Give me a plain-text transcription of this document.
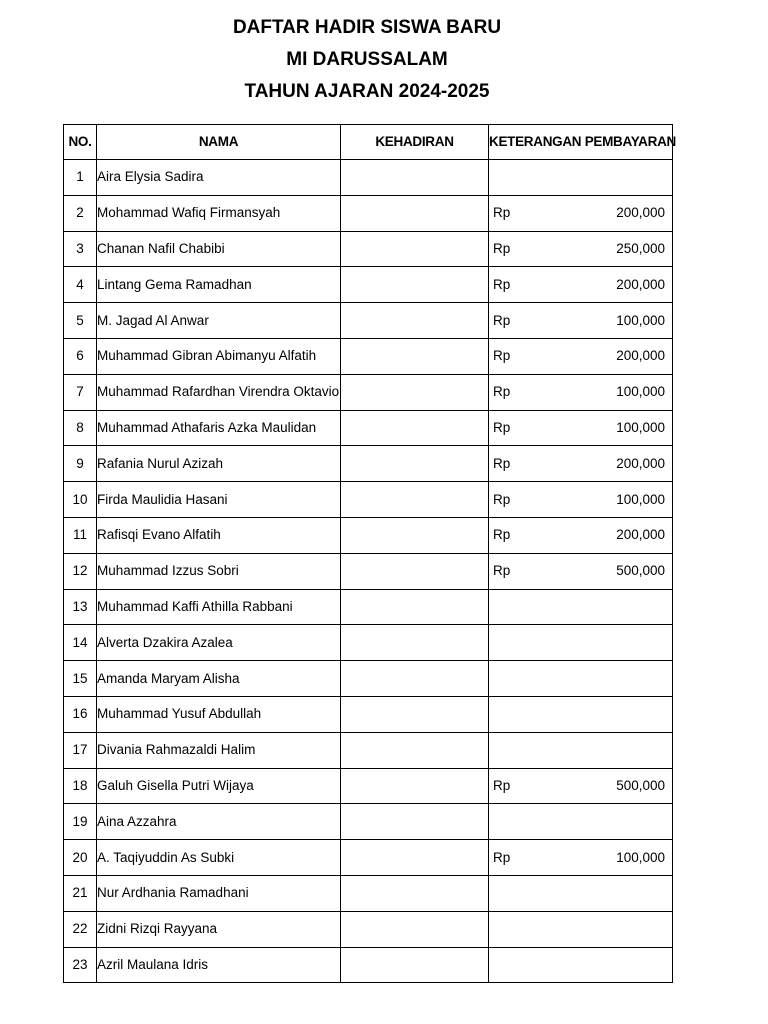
DAFTAR HADIR SISWA BARU
MI DARUSSALAM
TAHUN AJARAN 2024-2025
NO.	NAMA	KEHADIRAN	KETERANGAN PEMBAYARAN
1	Aira Elysia Sadira		

2	Mohammad Wafiq Firmansyah		Rp 200,000

3	Chanan Nafil Chabibi		Rp 250,000

4	Lintang Gema Ramadhan		Rp 200,000

5	M. Jagad Al Anwar		Rp 100,000

6	Muhammad Gibran Abimanyu Alfatih		Rp 200,000

7	Muhammad Rafardhan Virendra Oktavio		Rp 100,000

8	Muhammad Athafaris Azka Maulidan		Rp 100,000

9	Rafania Nurul Azizah		Rp 200,000

10	Firda Maulidia Hasani		Rp 100,000

11	Rafisqi Evano Alfatih		Rp 200,000

12	Muhammad Izzus Sobri		Rp 500,000

13	Muhammad Kaffi Athilla Rabbani		

14	Alverta Dzakira Azalea		

15	Amanda Maryam Alisha		

16	Muhammad Yusuf Abdullah		

17	Divania Rahmazaldi Halim		

18	Galuh Gisella Putri Wijaya		Rp 500,000

19	Aina Azzahra		

20	A. Taqiyuddin As Subki		Rp 100,000

21	Nur Ardhania Ramadhani		

22	Zidni Rizqi Rayyana		

23	Azril Maulana Idris		
